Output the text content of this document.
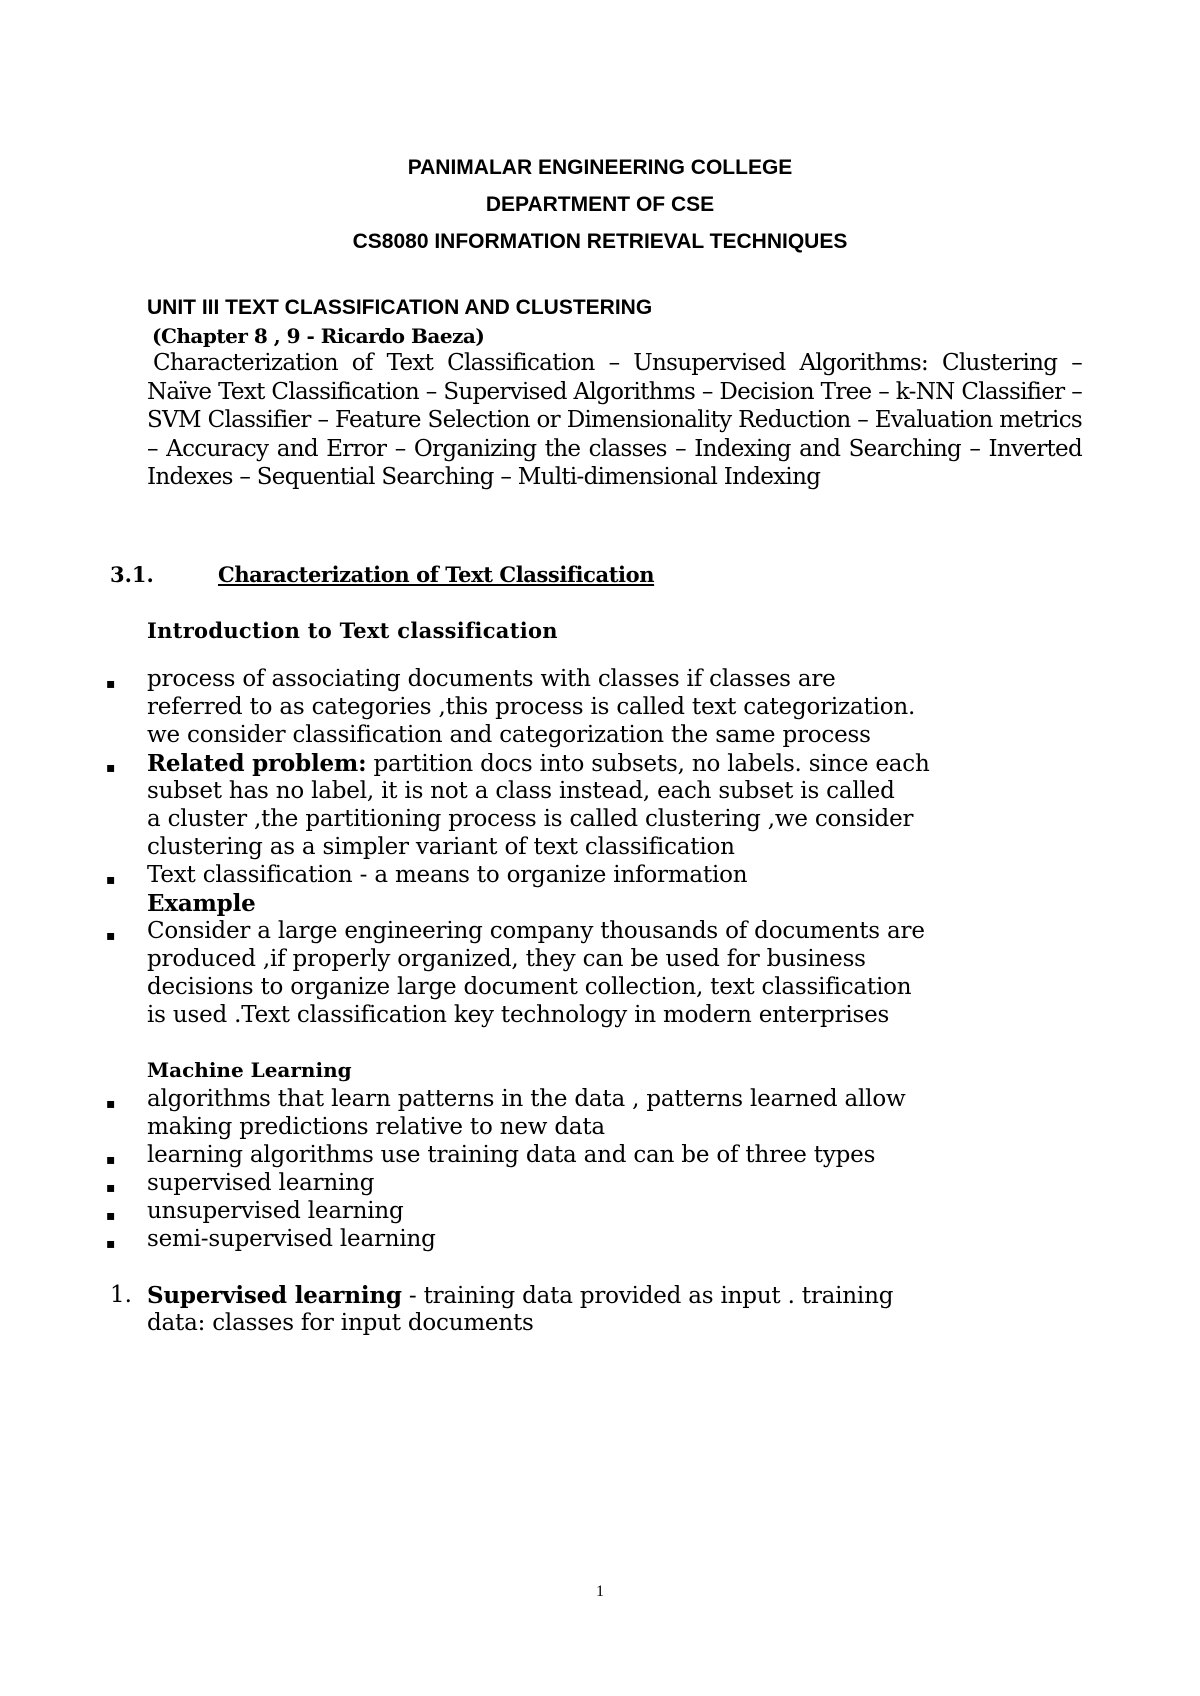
PANIMALAR ENGINEERING COLLEGE
DEPARTMENT OF CSE
CS8080 INFORMATION RETRIEVAL TECHNIQUES
UNIT III TEXT CLASSIFICATION AND CLUSTERING
(Chapter 8 , 9 - Ricardo Baeza)
Characterization of Text Classification – Unsupervised Algorithms: Clustering – Naïve Text Classification – Supervised Algorithms – Decision Tree – k-NN Classifier – SVM Classifier – Feature Selection or Dimensionality Reduction – Evaluation metrics – Accuracy and Error – Organizing the classes – Indexing and Searching – Inverted Indexes – Sequential Searching – Multi-dimensional Indexing
3.1.	Characterization of Text Classification
Introduction to Text classification
▪ process of associating documents with classes if classes are
referred to as categories ,this process is called text categorization.
we consider classification and categorization the same process
▪ Related problem: partition docs into subsets, no labels. since each
subset has no label, it is not a class instead, each subset is called
a cluster ,the partitioning process is called clustering ,we consider
clustering as a simpler variant of text classification
▪ Text classification - a means to organize information
Example
▪ Consider a large engineering company thousands of documents are
produced ,if properly organized, they can be used for business
decisions to organize large document collection, text classification
is used .Text classification key technology in modern enterprises
Machine Learning
▪ algorithms that learn patterns in the data , patterns learned allow
making predictions relative to new data
▪ learning algorithms use training data and can be of three types
▪ supervised learning
▪ unsupervised learning
▪ semi-supervised learning
1. Supervised learning - training data provided as input . training
data: classes for input documents
1
